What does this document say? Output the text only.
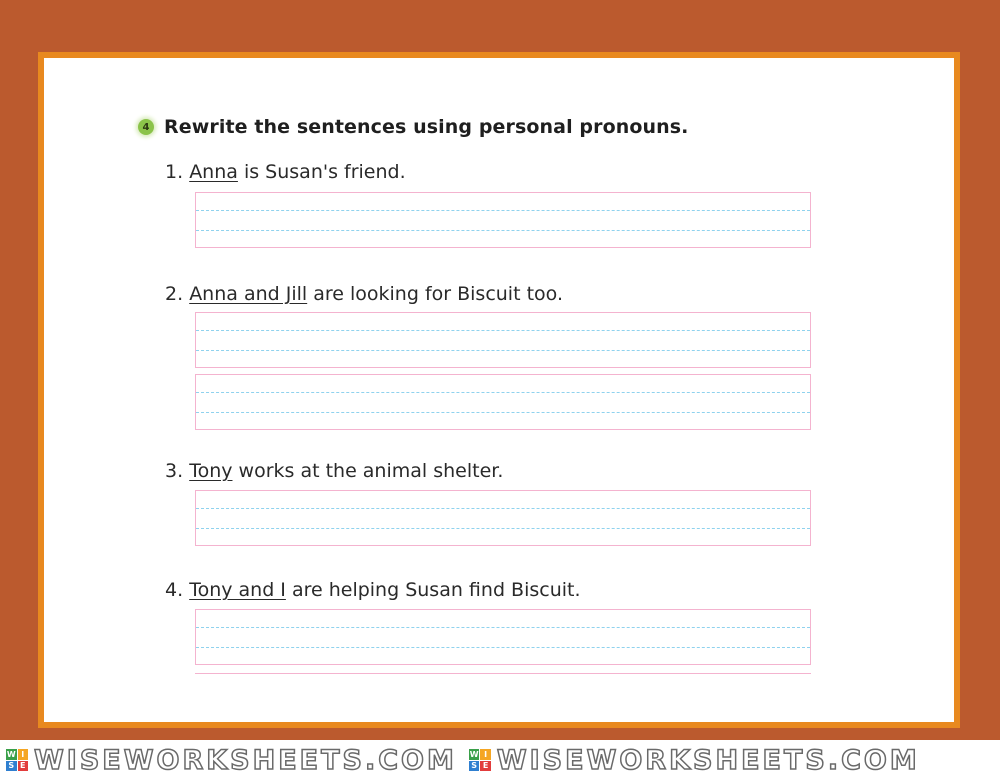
4 Rewrite the sentences using personal pronouns.
1. Anna is Susan's friend.
2. Anna and Jill are looking for Biscuit too.
3. Tony works at the animal shelter.
4. Tony and I are helping Susan find Biscuit.
W I
S E WISEWORKSHEETS.COM W I
S E WISEWORKSHEETS.COM
